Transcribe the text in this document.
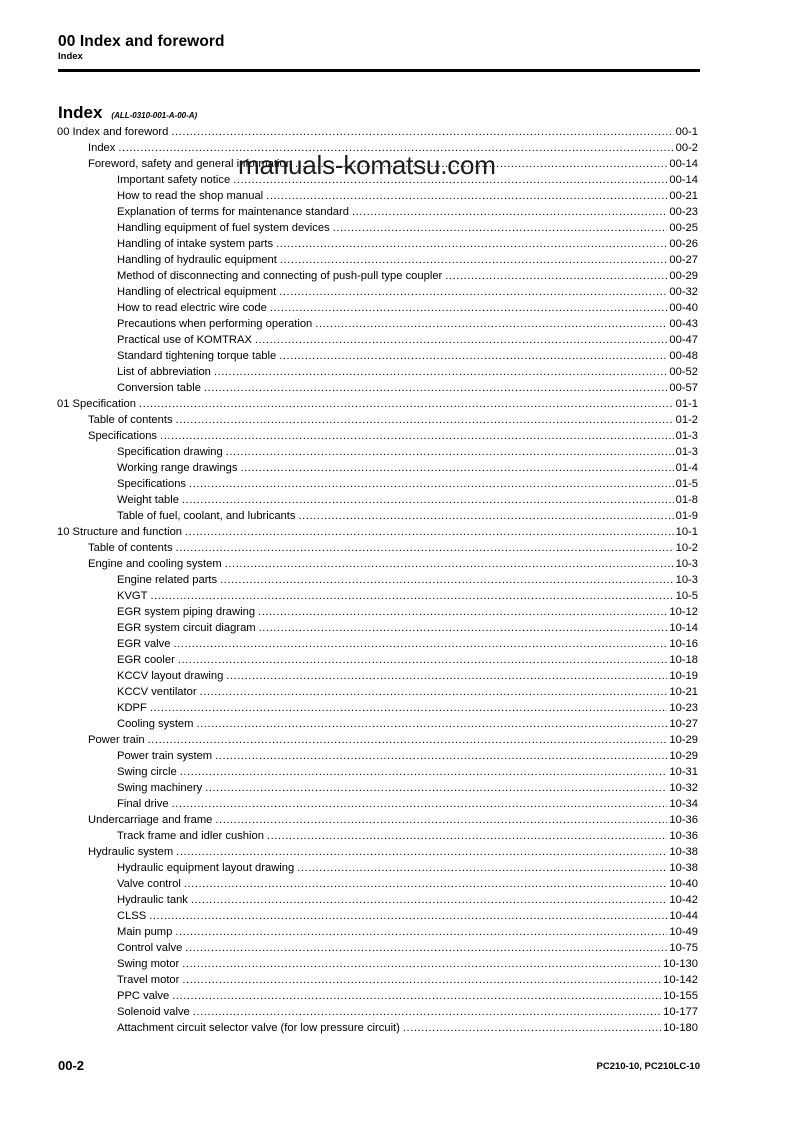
00 Index and foreword
Index
Index (ALL-0310-001-A-00-A)
00 Index and foreword .....	00-1
Index .....	00-2
Foreword, safety and general information .....	00-14
Important safety notice .....	00-14
How to read the shop manual .....	00-21
Explanation of terms for maintenance standard .....	00-23
Handling equipment of fuel system devices .....	00-25
Handling of intake system parts .....	00-26
Handling of hydraulic equipment .....	00-27
Method of disconnecting and connecting of push-pull type coupler .....	00-29
Handling of electrical equipment .....	00-32
How to read electric wire code .....	00-40
Precautions when performing operation .....	00-43
Practical use of KOMTRAX .....	00-47
Standard tightening torque table .....	00-48
List of abbreviation .....	00-52
Conversion table .....	00-57
01 Specification .....	01-1
Table of contents .....	01-2
Specifications .....	01-3
Specification drawing .....	01-3
Working range drawings .....	01-4
Specifications .....	01-5
Weight table .....	01-8
Table of fuel, coolant, and lubricants .....	01-9
10 Structure and function .....	10-1
Table of contents .....	10-2
Engine and cooling system .....	10-3
Engine related parts .....	10-3
KVGT .....	10-5
EGR system piping drawing .....	10-12
EGR system circuit diagram .....	10-14
EGR valve .....	10-16
EGR cooler .....	10-18
KCCV layout drawing .....	10-19
KCCV ventilator .....	10-21
KDPF .....	10-23
Cooling system .....	10-27
Power train .....	10-29
Power train system .....	10-29
Swing circle .....	10-31
Swing machinery .....	10-32
Final drive .....	10-34
Undercarriage and frame .....	10-36
Track frame and idler cushion .....	10-36
Hydraulic system .....	10-38
Hydraulic equipment layout drawing .....	10-38
Valve control .....	10-40
Hydraulic tank .....	10-42
CLSS .....	10-44
Main pump .....	10-49
Control valve .....	10-75
Swing motor .....	10-130
Travel motor .....	10-142
PPC valve .....	10-155
Solenoid valve .....	10-177
Attachment circuit selector valve (for low pressure circuit) .....	10-180
manuals-komatsu.com
00-2	PC210-10, PC210LC-10
